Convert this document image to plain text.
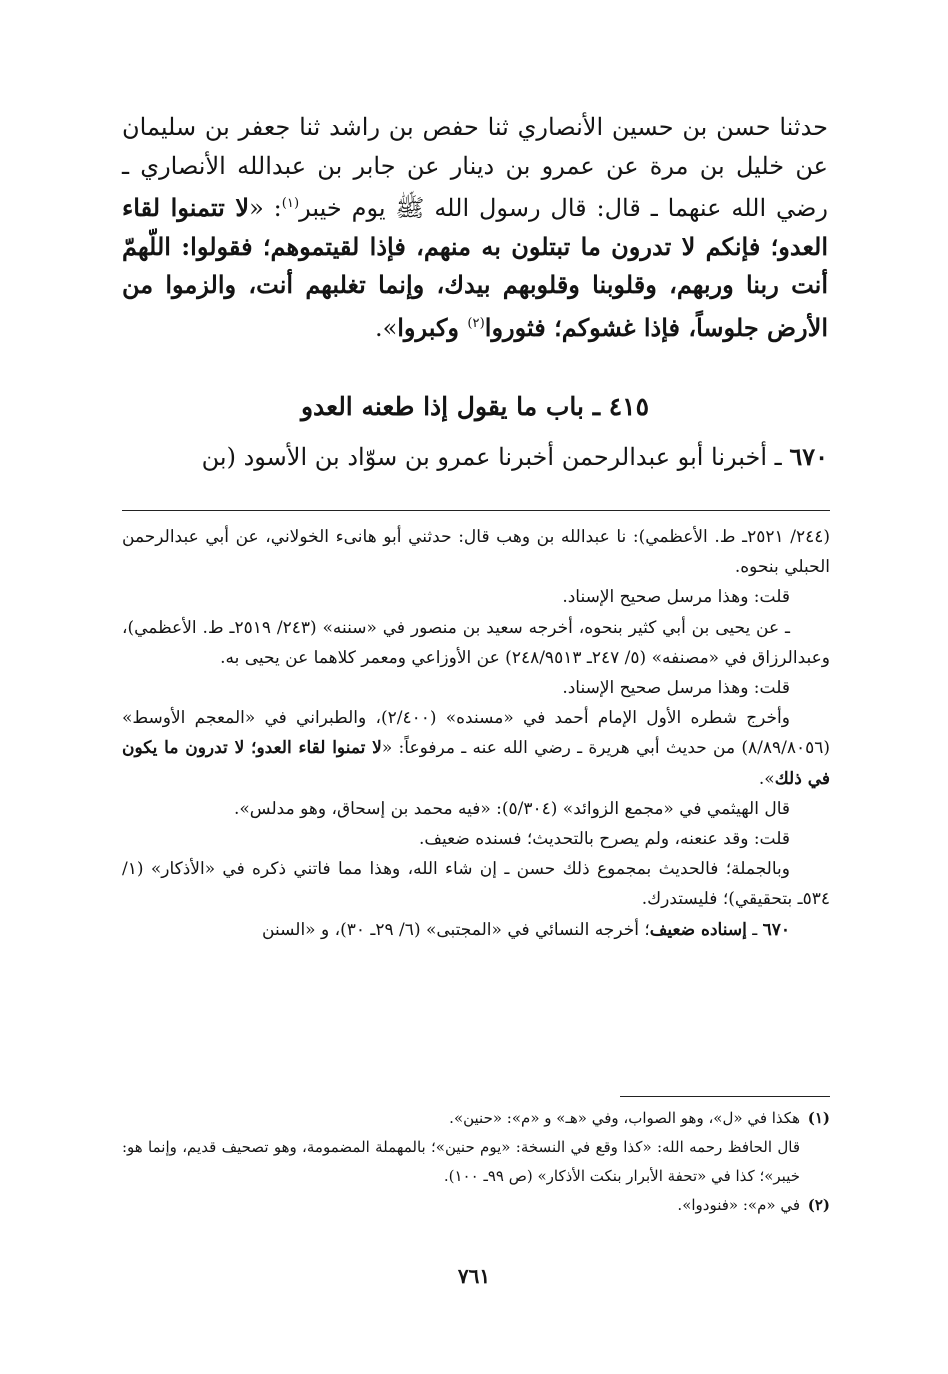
حدثنا حسن بن حسين الأنصاري ثنا حفص بن راشد ثنا جعفر بن سليمان عن خليل بن مرة عن عمرو بن دينار عن جابر بن عبدالله الأنصاري ـ رضي الله عنهما ـ قال: قال رسول الله ﷺ يوم خيبر$^{(١)}$: «لا تتمنوا لقاء العدو؛ فإنكم لا تدرون ما تبتلون به منهم، فإذا لقيتموهم؛ فقولوا: اللّهمّ أنت ربنا وربهم، وقلوبنا وقلوبهم بيدك، وإنما تغلبهم أنت، والزموا من الأرض جلوساً، فإذا غشوكم؛ فثوروا$^{(٢)}$ وكبروا».

٤١٥ ـ باب ما يقول إذا طعنه العدو

٦٧٠ ـ أخبرنا أبو عبدالرحمن أخبرنا عمرو بن سوّاد بن الأسود (بن

(٢٤٤/ ٢٥٢١ـ ط. الأعظمي): نا عبدالله بن وهب قال: حدثني أبو هانىء الخولاني، عن أبي عبدالرحمن الحبلي بنحوه.

قلت: وهذا مرسل صحيح الإسناد.

ـ عن يحيى بن أبي كثير بنحوه، أخرجه سعيد بن منصور في «سننه» (٢٤٣/ ٢٥١٩ـ ط. الأعظمي)، وعبدالرزاق في «مصنفه» (٥/ ٢٤٧ـ ٢٤٨/٩٥١٣) عن الأوزاعي ومعمر كلاهما عن يحيى به.

قلت: وهذا مرسل صحيح الإسناد.

وأخرج شطره الأول الإمام أحمد في «مسنده» (٢/٤٠٠)، والطبراني في «المعجم الأوسط» (٨/٨٩/٨٠٥٦) من حديث أبي هريرة ـ رضي الله عنه ـ مرفوعاً: «لا تمنوا لقاء العدو؛ لا تدرون ما يكون في ذلك».

قال الهيثمي في «مجمع الزوائد» (٥/٣٠٤): «فيه محمد بن إسحاق، وهو مدلس».

قلت: وقد عنعنه، ولم يصرح بالتحديث؛ فسنده ضعيف.

وبالجملة؛ فالحديث بمجموع ذلك حسن ـ إن شاء الله، وهذا مما فاتني ذكره في «الأذكار» (١/ ٥٣٤ـ بتحقيقي)؛ فليستدرك.

٦٧٠ ـ إسناده ضعيف؛ أخرجه النسائي في «المجتبى» (٦/ ٢٩ـ ٣٠)، و «السنن

(١)هكذا في «ل»، وهو الصواب، وفي «هـ» و «م»: «حنين».

قال الحافظ رحمه الله: «كذا وقع في النسخة: «يوم حنين»؛ بالمهملة المضمومة، وهو تصحيف قديم، وإنما هو: خيبر»؛ كذا في «تحفة الأبرار بنكت الأذكار» (ص ٩٩ـ ١٠٠).

(٢)في «م»: «فنودوا».

٧٦١
